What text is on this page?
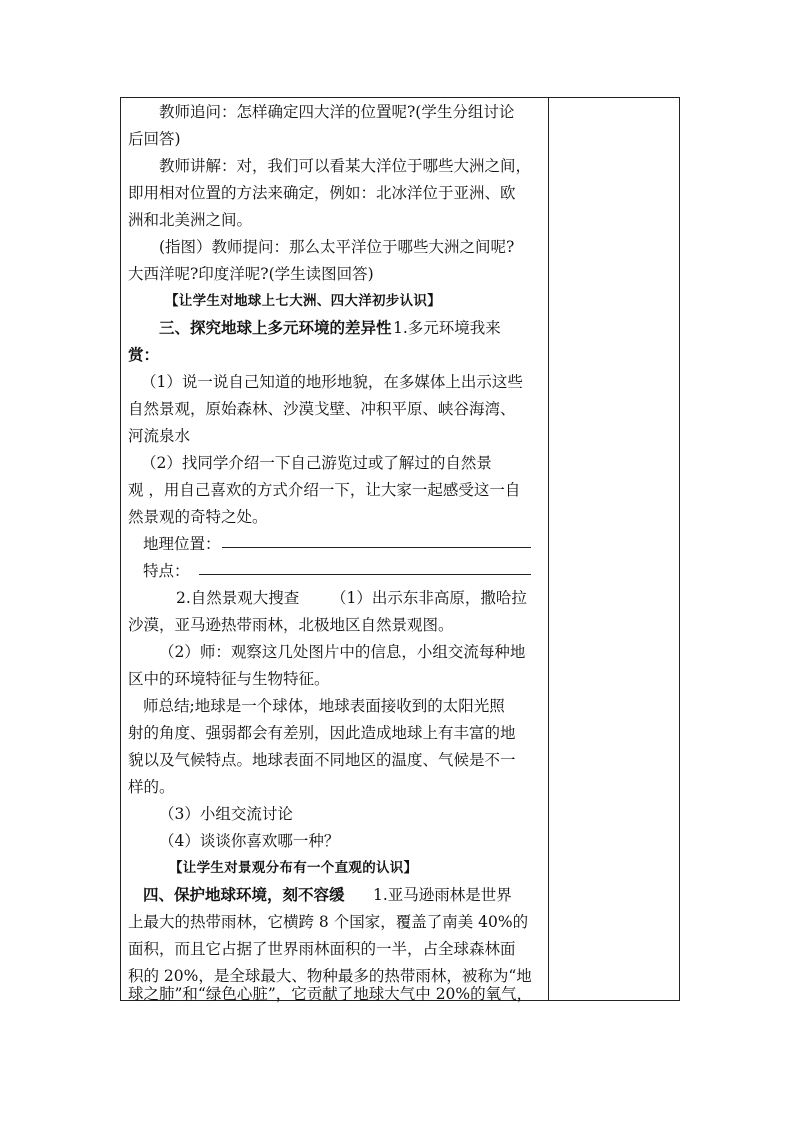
教师追问：怎样确定四大洋的位置呢?(学生分组讨论
后回答)
教师讲解：对，我们可以看某大洋位于哪些大洲之间，
即用相对位置的方法来确定，例如：北冰洋位于亚洲、欧
洲和北美洲之间。
(指图）教师提问：那么太平洋位于哪些大洲之间呢?
大西洋呢?印度洋呢?(学生读图回答)
【让学生对地球上七大洲、四大洋初步认识】
三、探究地球上多元环境的差异性 1.多元环境我来
赏：
（1）说一说自己知道的地形地貌，在多媒体上出示这些
自然景观，原始森林、沙漠戈壁、冲积平原、峡谷海湾、
河流泉水
（2）找同学介绍一下自己游览过或了解过的自然景
观 ，用自己喜欢的方式介绍一下，让大家一起感受这一自
然景观的奇特之处。
地理位置：
特点：
2.自然景观大搜查 （1）出示东非高原，撒哈拉
沙漠，亚马逊热带雨林，北极地区自然景观图。
（2）师：观察这几处图片中的信息，小组交流每种地
区中的环境特征与生物特征。
师总结;地球是一个球体，地球表面接收到的太阳光照
射的角度、强弱都会有差别，因此造成地球上有丰富的地
貌以及气候特点。地球表面不同地区的温度、气候是不一
样的。
（3）小组交流讨论
（4）谈谈你喜欢哪一种？
【让学生对景观分布有一个直观的认识】
四、保护地球环境，刻不容缓 1.亚马逊雨林是世界
上最大的热带雨林，它横跨 8 个国家，覆盖了南美 40%的
面积，而且它占据了世界雨林面积的一半，占全球森林面
积的 20%，是全球最大、物种最多的热带雨林，被称为“地
球之肺”和“绿色心脏”，它贡献了地球大气中 20%的氧气，
